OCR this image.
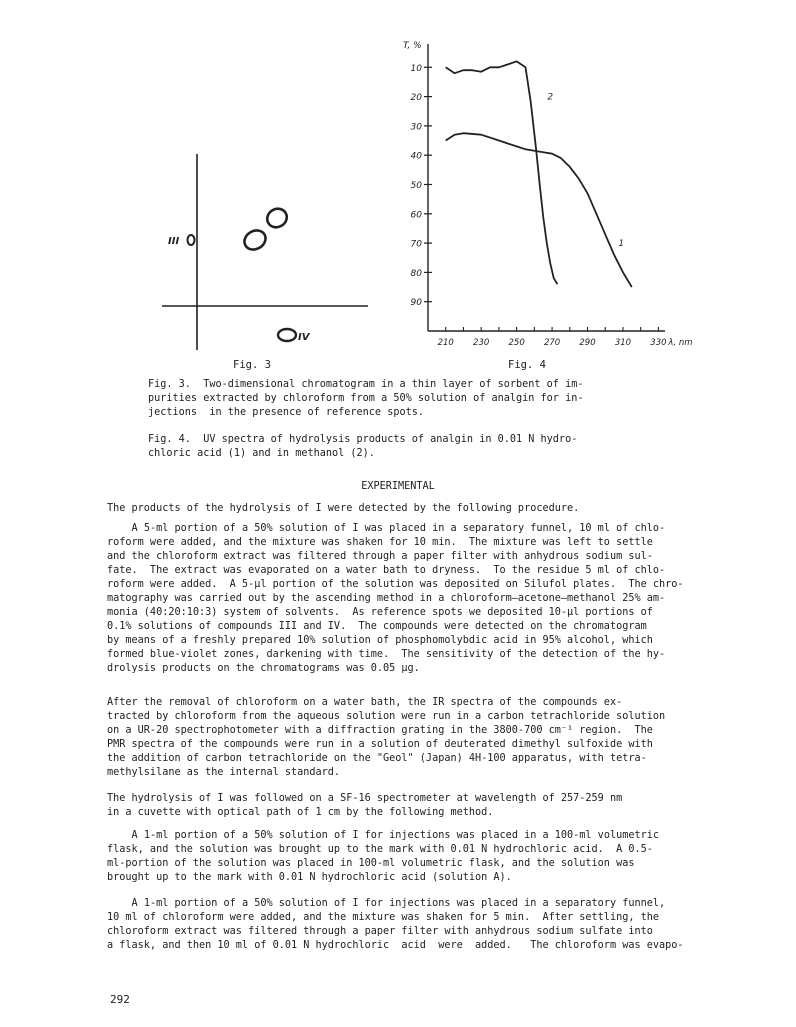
III
IV
Fig. 3
10
20
30
40
50
60
70
80
90
210 230 250 270 290 310 330
T, %
λ, nm
2
1
Fig. 4
Fig. 3.  Two-dimensional chromatogram in a thin layer of sorbent of im-
purities extracted by chloroform from a 50% solution of analgin for in-
jections  in the presence of reference spots.
Fig. 4.  UV spectra of hydrolysis products of analgin in 0.01 N hydro-
chloric acid (1) and in methanol (2).
EXPERIMENTAL
The products of the hydrolysis of I were detected by the following procedure.
A 5-ml portion of a 50% solution of I was placed in a separatory funnel, 10 ml of chlo-
roform were added, and the mixture was shaken for 10 min.  The mixture was left to settle
and the chloroform extract was filtered through a paper filter with anhydrous sodium sul-
fate.  The extract was evaporated on a water bath to dryness.  To the residue 5 ml of chlo-
roform were added.  A 5-μl portion of the solution was deposited on Silufol plates.  The chro-
matography was carried out by the ascending method in a chloroform–acetone–methanol 25% am-
monia (40:20:10:3) system of solvents.  As reference spots we deposited 10-μl portions of
0.1% solutions of compounds III and IV.  The compounds were detected on the chromatogram
by means of a freshly prepared 10% solution of phosphomolybdic acid in 95% alcohol, which
formed blue-violet zones, darkening with time.  The sensitivity of the detection of the hy-
drolysis products on the chromatograms was 0.05 μg.
After the removal of chloroform on a water bath, the IR spectra of the compounds ex-
tracted by chloroform from the aqueous solution were run in a carbon tetrachloride solution
on a UR-20 spectrophotometer with a diffraction grating in the 3800-700 cm⁻¹ region.  The
PMR spectra of the compounds were run in a solution of deuterated dimethyl sulfoxide with
the addition of carbon tetrachloride on the "Geol" (Japan) 4H-100 apparatus, with tetra-
methylsilane as the internal standard.
The hydrolysis of I was followed on a SF-16 spectrometer at wavelength of 257-259 nm
in a cuvette with optical path of 1 cm by the following method.
A 1-ml portion of a 50% solution of I for injections was placed in a 100-ml volumetric
flask, and the solution was brought up to the mark with 0.01 N hydrochloric acid.  A 0.5-
ml-portion of the solution was placed in 100-ml volumetric flask, and the solution was
brought up to the mark with 0.01 N hydrochloric acid (solution A).
A 1-ml portion of a 50% solution of I for injections was placed in a separatory funnel,
10 ml of chloroform were added, and the mixture was shaken for 5 min.  After settling, the
chloroform extract was filtered through a paper filter with anhydrous sodium sulfate into
a flask, and then 10 ml of 0.01 N hydrochloric  acid  were  added.   The chloroform was evapo-
292
